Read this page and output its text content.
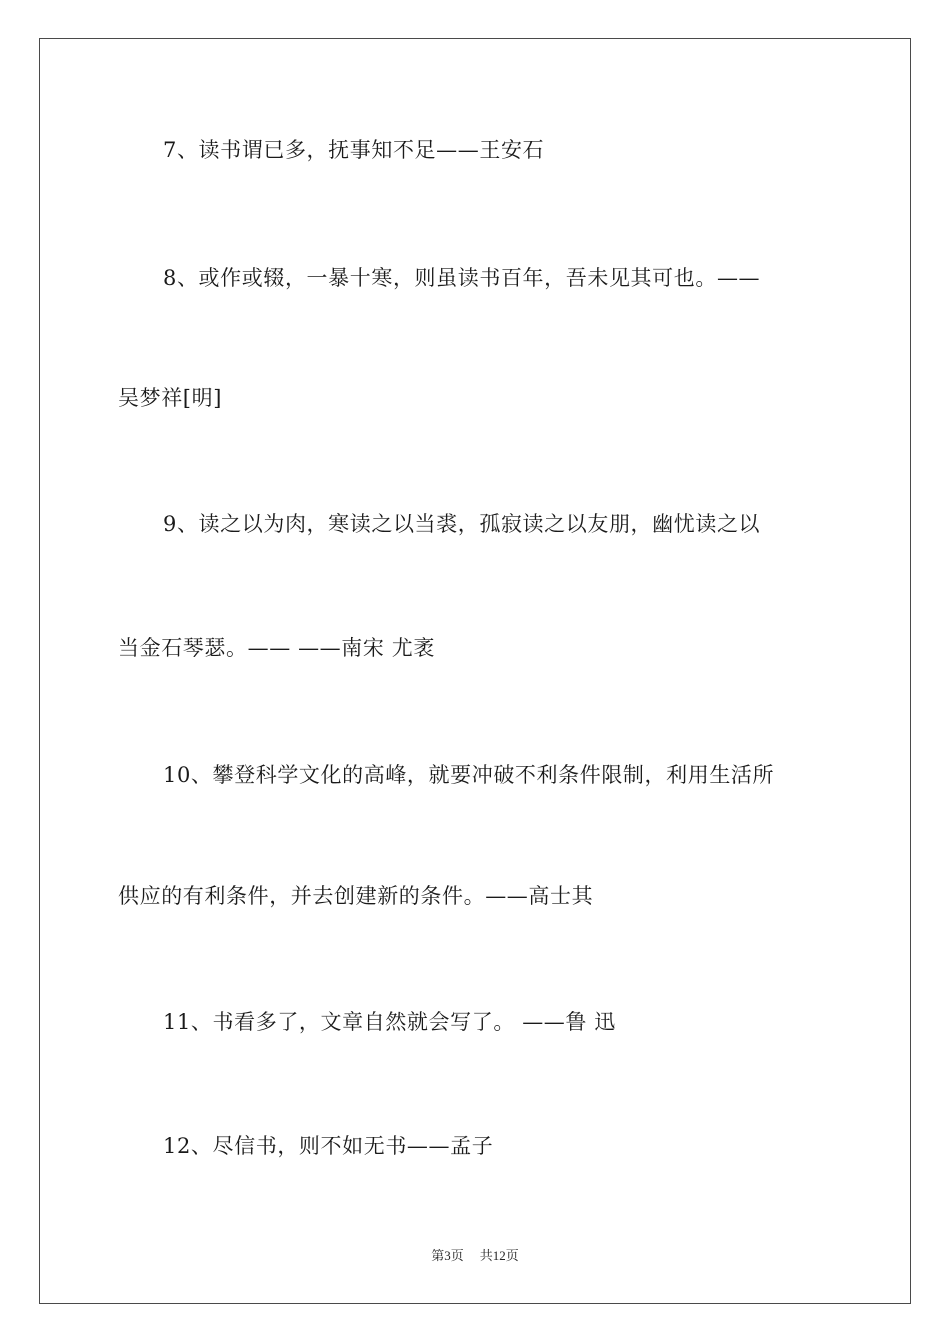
7、读书谓已多，抚事知不足——王安石
8、或作或辍，一暴十寒，则虽读书百年，吾未见其可也。——
吴梦祥[明]
9、读之以为肉，寒读之以当裘，孤寂读之以友朋，幽忧读之以
当金石琴瑟。—— ——南宋 尤袤
10、攀登科学文化的高峰，就要冲破不利条件限制，利用生活所
供应的有利条件，并去创建新的条件。——高士其
11、书看多了，文章自然就会写了。 ——鲁 迅
12、尽信书，则不如无书——孟子
第3页 共12页
